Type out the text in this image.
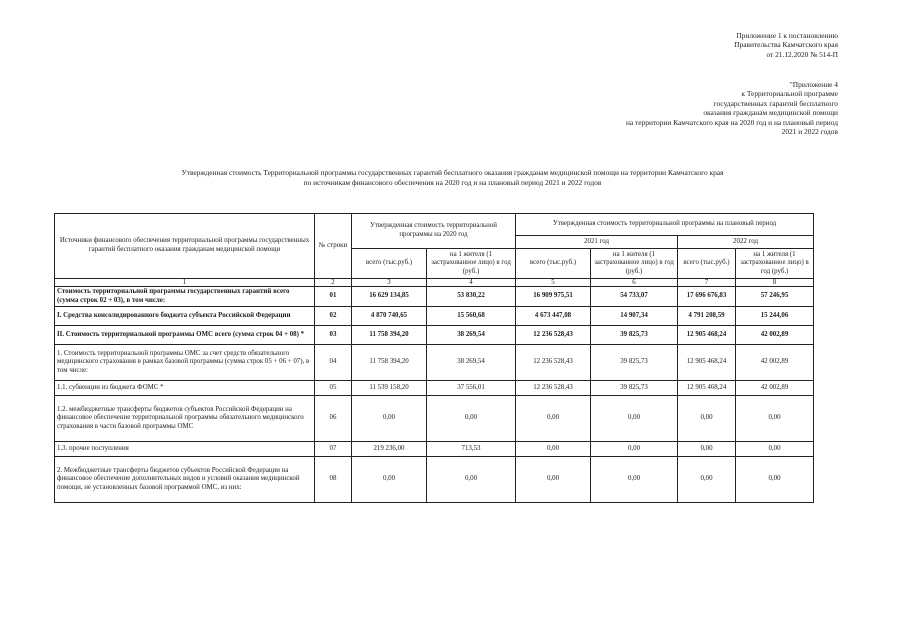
Приложение 1 к постановлению
Правительства Камчатского края
от 21.12.2020 № 514-П
"Приложение 4
к Территориальной программе
государственных гарантий бесплатного
оказания гражданам медицинской помощи
на территории Камчатского края на 2020 год и на плановый период
2021 и 2022 годов
Утвержденная стоимость Территориальной программы государственных гарантий бесплатного оказания гражданам медицинской помощи на территории Камчатского края
по источникам финансового обеспечения на 2020 год и на плановый период 2021 и 2022 годов
Источники финансового обеспечения территориальной программы государственных гарантий бесплатного оказания гражданам медицинской помощи	№ строки	Утвержденная стоимость территориальной программы на 2020 год		Утвержденная стоимость территориальной программы на плановый период			
				2021 год		2022 год	
		всего (тыс.руб.)	на 1 жителя (1 застрахованное лицо) в год (руб.)	всего (тыс.руб.)	на 1 жителя (1 застрахованное лицо) в год (руб.)	всего (тыс.руб.)	на 1 жителя (1 застрахованное лицо) в год (руб.)
1	2	3	4	5	6	7	8
Стоимость территориальной программы государственных гарантий всего (сумма строк 02 + 03), в том числе:	01	16 629 134,85	53 830,22	16 909 975,51	54 733,07	17 696 676,83	57 246,95
I. Средства консолидированного бюджета субъекта Российской Федерации	02	4 870 740,65	15 560,68	4 673 447,08	14 907,34	4 791 208,59	15 244,06
II. Стоимость территориальной программы ОМС всего (сумма строк 04 + 08) *	03	11 758 394,20	38 269,54	12 236 528,43	39 825,73	12 905 468,24	42 002,89
1. Стоимость территориальной программы ОМС за счет средств обязательного медицинского страхования в рамках базовой программы (сумма строк 05 + 06 + 07), в том числе:	04	11 758 394,20	38 269,54	12 236 528,43	39 825,73	12 905 468,24	42 002,89
1.1. субвенции из бюджета ФОМС *	05	11 539 158,20	37 556,01	12 236 528,43	39 825,73	12 905 468,24	42 002,89
1.2. межбюджетные трансферты бюджетов субъектов Российской Федерации на финансовое обеспечение территориальной программы обязательного медицинского страхования в части базовой программы ОМС	06	0,00	0,00	0,00	0,00	0,00	0,00
1.3. прочие поступления	07	219 236,00	713,53	0,00	0,00	0,00	0,00
2. Межбюджетные трансферты бюджетов субъектов Российской Федерации на финансовое обеспечение дополнительных видов и условий оказания медицинской помощи, не установленных базовой программой ОМС, из них:	08	0,00	0,00	0,00	0,00	0,00	0,00
